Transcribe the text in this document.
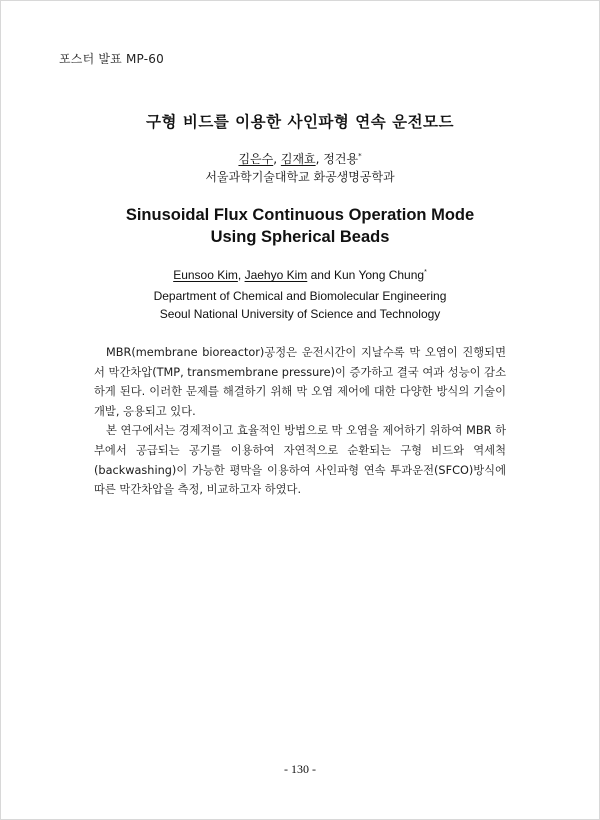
포스터 발표 MP-60
구형 비드를 이용한 사인파형 연속 운전모드
김은수, 김재효, 정건용*
서울과학기술대학교 화공생명공학과
Sinusoidal Flux Continuous Operation Mode
Using Spherical Beads
Eunsoo Kim, Jaehyo Kim and Kun Yong Chung*
Department of Chemical and Biomolecular Engineering
Seoul National University of Science and Technology

MBR(membrane bioreactor)공정은 운전시간이 지날수록 막 오염이 진행되면서 막간차압(TMP, transmembrane pressure)이 증가하고 결국 여과 성능이 감소하게 된다. 이러한 문제를 해결하기 위해 막 오염 제어에 대한 다양한 방식의 기술이 개발, 응용되고 있다.

본 연구에서는 경제적이고 효율적인 방법으로 막 오염을 제어하기 위하여 MBR 하부에서 공급되는 공기를 이용하여 자연적으로 순환되는 구형 비드와 역세척(backwashing)이 가능한 평막을 이용하여 사인파형 연속 투과운전(SFCO)방식에 따른 막간차압을 측정, 비교하고자 하였다.

- 130 -
